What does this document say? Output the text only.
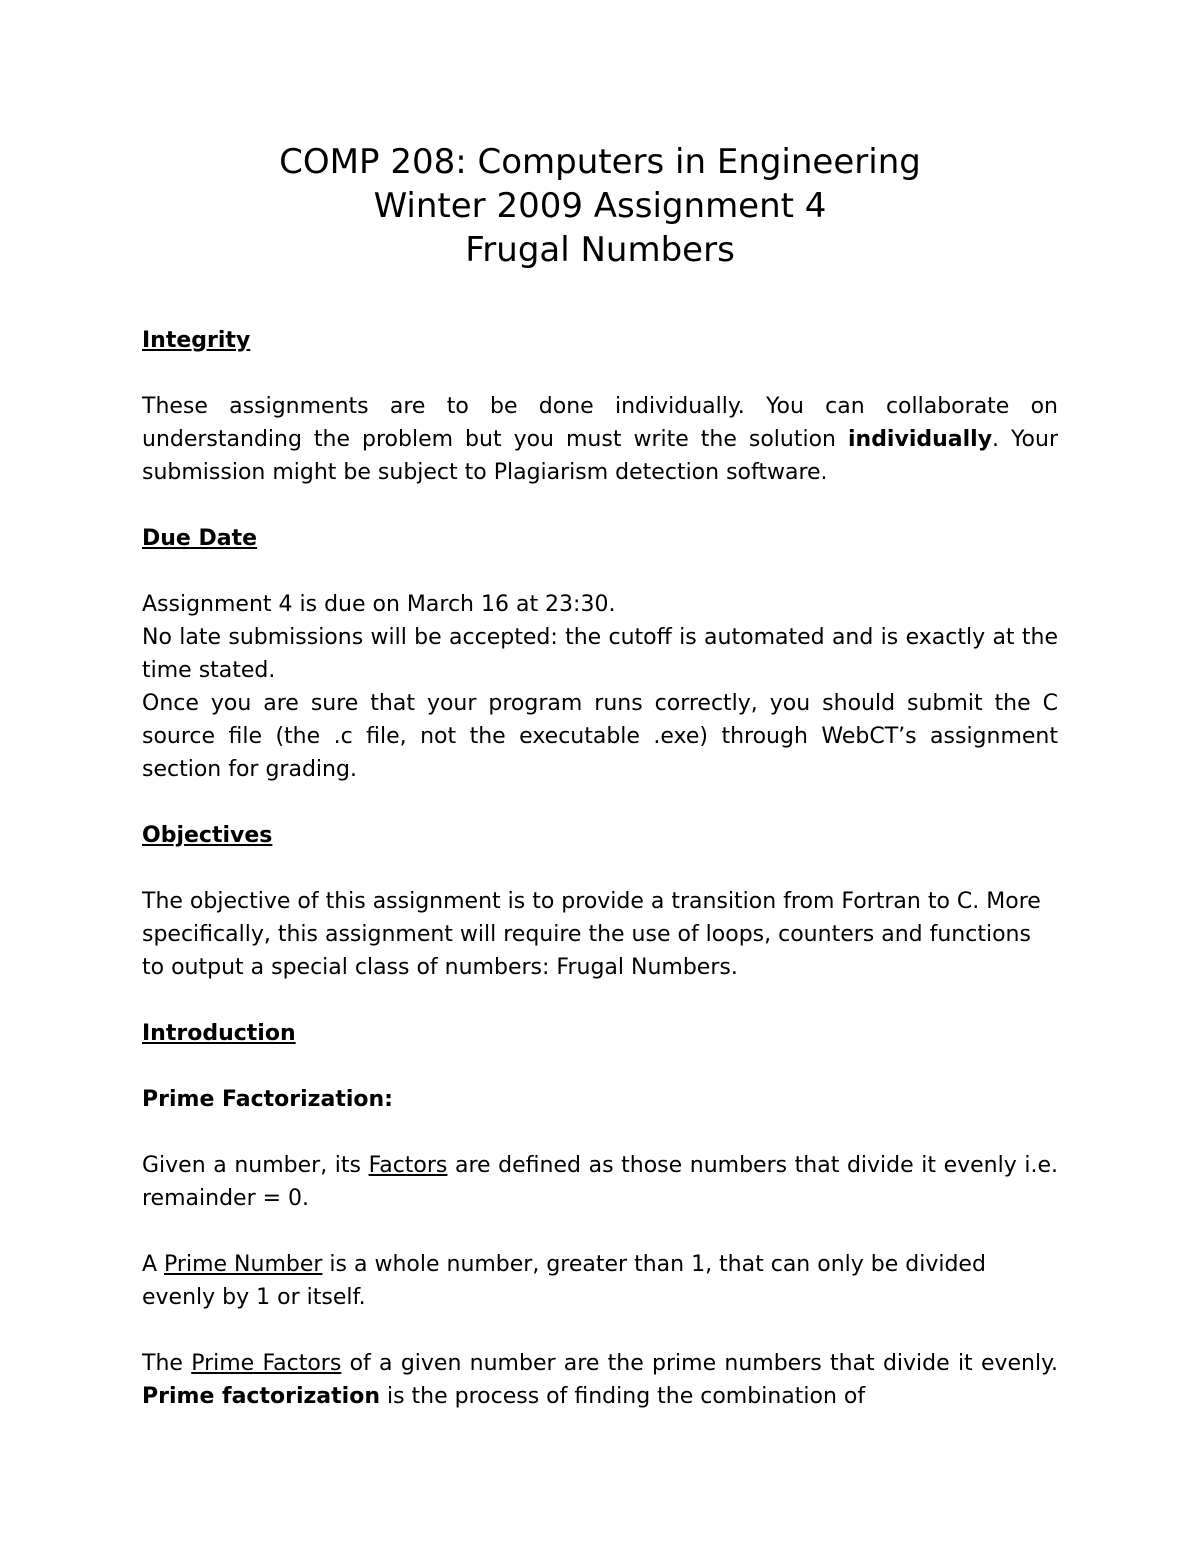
COMP 208: Computers in Engineering
Winter 2009 Assignment 4
Frugal Numbers
Integrity

These assignments are to be done individually. You can collaborate on understanding the problem but you must write the solution individually. Your submission might be subject to Plagiarism detection software.

Due Date

Assignment 4 is due on March 16 at 23:30.
No late submissions will be accepted: the cutoff is automated and is exactly at the time stated.
Once you are sure that your program runs correctly, you should submit the C source file (the .c file, not the executable .exe) through WebCT’s assignment section for grading.

Objectives

The objective of this assignment is to provide a transition from Fortran to C. More specifically, this assignment will require the use of loops, counters and functions to output a special class of numbers: Frugal Numbers.

Introduction
Prime Factorization:

Given a number, its Factors are defined as those numbers that divide it evenly i.e. remainder = 0.

A Prime Number is a whole number, greater than 1, that can only be divided evenly by 1 or itself.

The Prime Factors of a given number are the prime numbers that divide it evenly. Prime factorization is the process of finding the combination of
